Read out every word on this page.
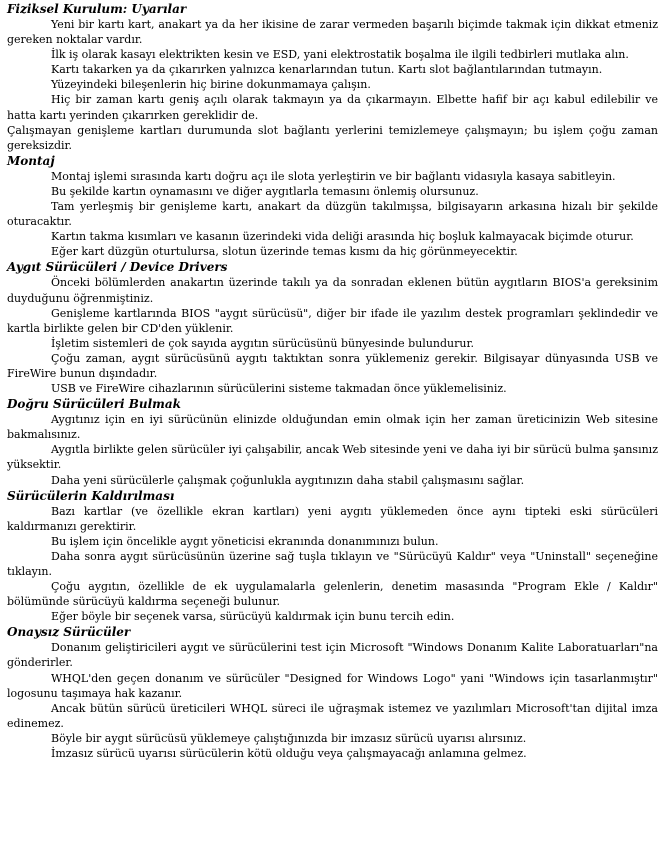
Fiziksel Kurulum: Uyarılar

Yeni bir kartı kart, anakart ya da her ikisine de zarar vermeden başarılı biçimde takmak için dikkat etmeniz gereken noktalar vardır.

İlk iş olarak kasayı elektrikten kesin ve ESD, yani elektrostatik boşalma ile ilgili tedbirleri mutlaka alın.

Kartı takarken ya da çıkarırken yalnızca kenarlarından tutun. Kartı slot bağlantılarından tutmayın.

Yüzeyindeki bileşenlerin hiç birine dokunmamaya çalışın.

Hiç bir zaman kartı geniş açılı olarak takmayın ya da çıkarmayın. Elbette hafif bir açı kabul edilebilir ve hatta kartı yerinden çıkarırken gereklidir de.

Çalışmayan genişleme kartları durumunda slot bağlantı yerlerini temizlemeye çalışmayın; bu işlem çoğu zaman gereksizdir.

Montaj

Montaj işlemi sırasında kartı doğru açı ile slota yerleştirin ve bir bağlantı vidasıyla kasaya sabitleyin.

Bu şekilde kartın oynamasını ve diğer aygıtlarla temasını önlemiş olursunuz.

Tam yerleşmiş bir genişleme kartı, anakart da düzgün takılmışsa, bilgisayarın arkasına hizalı bir şekilde oturacaktır.

Kartın takma kısımları ve kasanın üzerindeki vida deliği arasında hiç boşluk kalmayacak biçimde oturur.

Eğer kart düzgün oturtulursa, slotun üzerinde temas kısmı da hiç görünmeyecektir.

Aygıt Sürücüleri / Device Drivers

Önceki bölümlerden anakartın üzerinde takılı ya da sonradan eklenen bütün aygıtların BIOS'a gereksinim duyduğunu öğrenmiştiniz.

Genişleme kartlarında BIOS "aygıt sürücüsü", diğer bir ifade ile yazılım destek programları şeklindedir ve kartla birlikte gelen bir CD'den yüklenir.

İşletim sistemleri de çok sayıda aygıtın sürücüsünü bünyesinde bulundurur.

Çoğu zaman, aygıt sürücüsünü aygıtı taktıktan sonra yüklemeniz gerekir. Bilgisayar dünyasında USB ve FireWire bunun dışındadır.

USB ve FireWire cihazlarının sürücülerini sisteme takmadan önce yüklemelisiniz.

Doğru Sürücüleri Bulmak

Aygıtınız için en iyi sürücünün elinizde olduğundan emin olmak için her zaman üreticinizin Web sitesine bakmalısınız.

Aygıtla birlikte gelen sürücüler iyi çalışabilir, ancak Web sitesinde yeni ve daha iyi bir sürücü bulma şansınız yüksektir.

Daha yeni sürücülerle çalışmak çoğunlukla aygıtınızın daha stabil çalışmasını sağlar.

Sürücülerin Kaldırılması

Bazı kartlar (ve özellikle ekran kartları) yeni aygıtı yüklemeden önce aynı tipteki eski sürücüleri kaldırmanızı gerektirir.

Bu işlem için öncelikle aygıt yöneticisi ekranında donanımınızı bulun.

Daha sonra aygıt sürücüsünün üzerine sağ tuşla tıklayın ve "Sürücüyü Kaldır" veya "Uninstall" seçeneğine tıklayın.

Çoğu aygıtın, özellikle de ek uygulamalarla gelenlerin, denetim masasında "Program Ekle / Kaldır" bölümünde sürücüyü kaldırma seçeneği bulunur.

Eğer böyle bir seçenek varsa, sürücüyü kaldırmak için bunu tercih edin.

Onaysız Sürücüler

Donanım geliştiricileri aygıt ve sürücülerini test için Microsoft "Windows Donanım Kalite Laboratuarları"na gönderirler.

WHQL'den geçen donanım ve sürücüler "Designed for Windows Logo" yani "Windows için tasarlanmıştır" logosunu taşımaya hak kazanır.

Ancak bütün sürücü üreticileri WHQL süreci ile uğraşmak istemez ve yazılımları Microsoft'tan dijital imza edinemez.

Böyle bir aygıt sürücüsü yüklemeye çalıştığınızda bir imzasız sürücü uyarısı alırsınız.

İmzasız sürücü uyarısı sürücülerin kötü olduğu veya çalışmayacağı anlamına gelmez.
